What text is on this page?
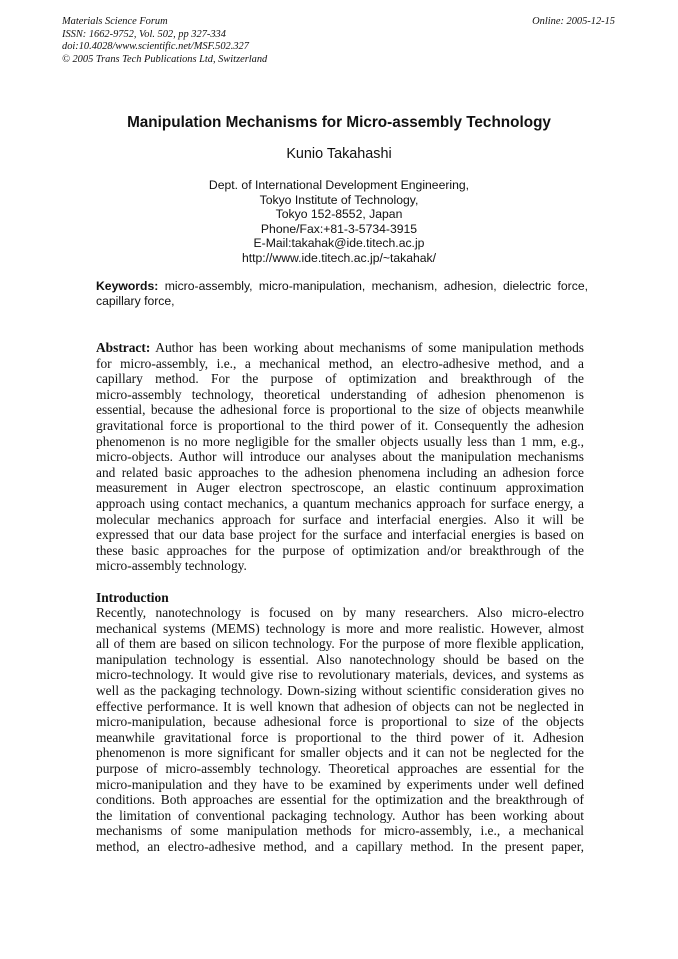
Materials Science Forum
ISSN: 1662-9752, Vol. 502, pp 327-334
doi:10.4028/www.scientific.net/MSF.502.327
© 2005 Trans Tech Publications Ltd, Switzerland
Online: 2005-12-15
Manipulation Mechanisms for Micro-assembly Technology
Kunio Takahashi
Dept. of International Development Engineering,
Tokyo Institute of Technology,
Tokyo 152-8552, Japan
Phone/Fax:+81-3-5734-3915
E-Mail:takahak@ide.titech.ac.jp
http://www.ide.titech.ac.jp/~takahak/
Keywords: micro-assembly, micro-manipulation, mechanism, adhesion, dielectric force,
capillary force,
Abstract: Author has been working about mechanisms of some manipulation methods
for micro-assembly, i.e., a mechanical method, an electro-adhesive method, and a
capillary method. For the purpose of optimization and breakthrough of the
micro-assembly technology, theoretical understanding of adhesion phenomenon is
essential, because the adhesional force is proportional to the size of objects meanwhile
gravitational force is proportional to the third power of it. Consequently the adhesion
phenomenon is no more negligible for the smaller objects usually less than 1 mm, e.g.,
micro-objects. Author will introduce our analyses about the manipulation mechanisms
and related basic approaches to the adhesion phenomena including an adhesion force
measurement in Auger electron spectroscope, an elastic continuum approximation
approach using contact mechanics, a quantum mechanics approach for surface energy, a
molecular mechanics approach for surface and interfacial energies. Also it will be
expressed that our data base project for the surface and interfacial energies is based on
these basic approaches for the purpose of optimization and/or breakthrough of the
micro-assembly technology.
Introduction
Recently, nanotechnology is focused on by many researchers. Also micro-electro
mechanical systems (MEMS) technology is more and more realistic. However, almost
all of them are based on silicon technology. For the purpose of more flexible application,
manipulation technology is essential. Also nanotechnology should be based on the
micro-technology. It would give rise to revolutionary materials, devices, and systems as
well as the packaging technology. Down-sizing without scientific consideration gives no
effective performance. It is well known that adhesion of objects can not be neglected in
micro-manipulation, because adhesional force is proportional to size of the objects
meanwhile gravitational force is proportional to the third power of it. Adhesion
phenomenon is more significant for smaller objects and it can not be neglected for the
purpose of micro-assembly technology. Theoretical approaches are essential for the
micro-manipulation and they have to be examined by experiments under well defined
conditions. Both approaches are essential for the optimization and the breakthrough of
the limitation of conventional packaging technology. Author has been working about
mechanisms of some manipulation methods for micro-assembly, i.e., a mechanical
method, an electro-adhesive method, and a capillary method. In the present paper,
